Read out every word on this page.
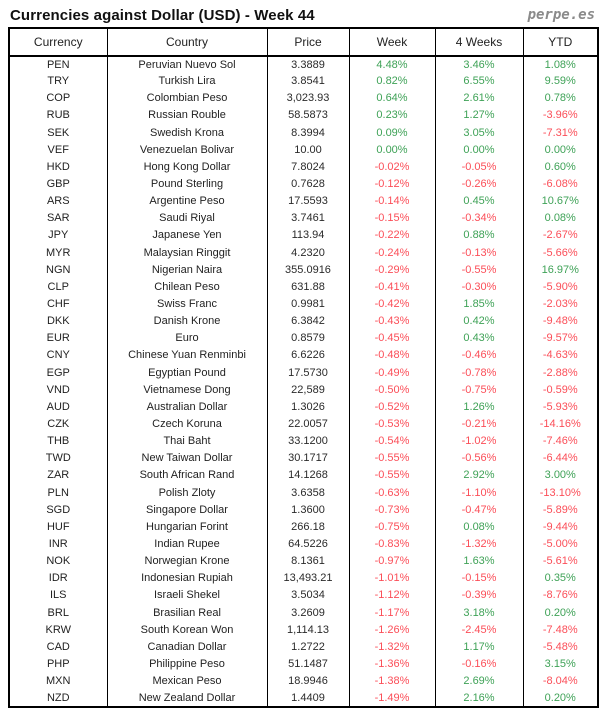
Currencies against Dollar (USD) - Week 44	perpe.es
Currency	Country	Price	Week	4 Weeks	YTD
PEN	Peruvian Nuevo Sol	3.3889	4.48%	3.46%	1.08%
TRY	Turkish Lira	3.8541	0.82%	6.55%	9.59%
COP	Colombian Peso	3,023.93	0.64%	2.61%	0.78%
RUB	Russian Rouble	58.5873	0.23%	1.27%	-3.96%
SEK	Swedish Krona	8.3994	0.09%	3.05%	-7.31%
VEF	Venezuelan Bolivar	10.00	0.00%	0.00%	0.00%
HKD	Hong Kong Dollar	7.8024	-0.02%	-0.05%	0.60%
GBP	Pound Sterling	0.7628	-0.12%	-0.26%	-6.08%
ARS	Argentine Peso	17.5593	-0.14%	0.45%	10.67%
SAR	Saudi Riyal	3.7461	-0.15%	-0.34%	0.08%
JPY	Japanese Yen	113.94	-0.22%	0.88%	-2.67%
MYR	Malaysian Ringgit	4.2320	-0.24%	-0.13%	-5.66%
NGN	Nigerian Naira	355.0916	-0.29%	-0.55%	16.97%
CLP	Chilean Peso	631.88	-0.41%	-0.30%	-5.90%
CHF	Swiss Franc	0.9981	-0.42%	1.85%	-2.03%
DKK	Danish Krone	6.3842	-0.43%	0.42%	-9.48%
EUR	Euro	0.8579	-0.45%	0.43%	-9.57%
CNY	Chinese Yuan Renminbi	6.6226	-0.48%	-0.46%	-4.63%
EGP	Egyptian Pound	17.5730	-0.49%	-0.78%	-2.88%
VND	Vietnamese Dong	22,589	-0.50%	-0.75%	-0.59%
AUD	Australian Dollar	1.3026	-0.52%	1.26%	-5.93%
CZK	Czech Koruna	22.0057	-0.53%	-0.21%	-14.16%
THB	Thai Baht	33.1200	-0.54%	-1.02%	-7.46%
TWD	New Taiwan Dollar	30.1717	-0.55%	-0.56%	-6.44%
ZAR	South African Rand	14.1268	-0.55%	2.92%	3.00%
PLN	Polish Zloty	3.6358	-0.63%	-1.10%	-13.10%
SGD	Singapore Dollar	1.3600	-0.73%	-0.47%	-5.89%
HUF	Hungarian Forint	266.18	-0.75%	0.08%	-9.44%
INR	Indian Rupee	64.5226	-0.83%	-1.32%	-5.00%
NOK	Norwegian Krone	8.1361	-0.97%	1.63%	-5.61%
IDR	Indonesian Rupiah	13,493.21	-1.01%	-0.15%	0.35%
ILS	Israeli Shekel	3.5034	-1.12%	-0.39%	-8.76%
BRL	Brasilian Real	3.2609	-1.17%	3.18%	0.20%
KRW	South Korean Won	1,114.13	-1.26%	-2.45%	-7.48%
CAD	Canadian Dollar	1.2722	-1.32%	1.17%	-5.48%
PHP	Philippine Peso	51.1487	-1.36%	-0.16%	3.15%
MXN	Mexican Peso	18.9946	-1.38%	2.69%	-8.04%
NZD	New Zealand Dollar	1.4409	-1.49%	2.16%	0.20%
